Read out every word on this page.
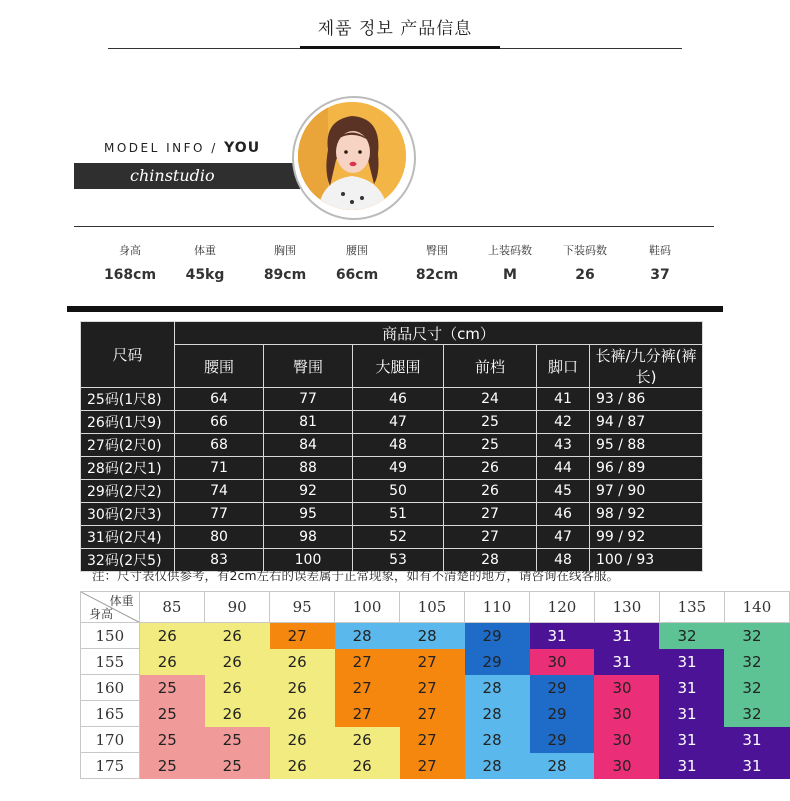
제품 정보 产品信息
MODEL INFO / YOU
chinstudio
身高
168cm
体重
45kg
胸围
89cm
腰围
66cm
臀围
82cm
上装码数
M
下装码数
26
鞋码
37
尺码	商品尺寸（cm）					
	腰围	臀围	大腿围	前档	脚口	长裤/九分裤(裤长)
25码(1尺8)	64	77	46	24	41	93 / 86
26码(1尺9)	66	81	47	25	42	94 / 87
27码(2尺0)	68	84	48	25	43	95 / 88
28码(2尺1)	71	88	49	26	44	96 / 89
29码(2尺2)	74	92	50	26	45	97 / 90
30码(2尺3)	77	95	51	27	46	98 / 92
31码(2尺4)	80	98	52	27	47	99 / 92
32码(2尺5)	83	100	53	28	48	100 / 93
注：尺寸表仅供参考，有2cm左右的误差属于正常现象，如有不清楚的地方，请咨询在线客服。
体重
身高	85	90	95	100	105	110	120	130	135	140
150	26	26	27	28	28	29	31	31	32	32
155	26	26	26	27	27	29	30	31	31	32
160	25	26	26	27	27	28	29	30	31	32
165	25	26	26	27	27	28	29	30	31	32
170	25	25	26	26	27	28	29	30	31	31
175	25	25	26	26	27	28	28	30	31	31
